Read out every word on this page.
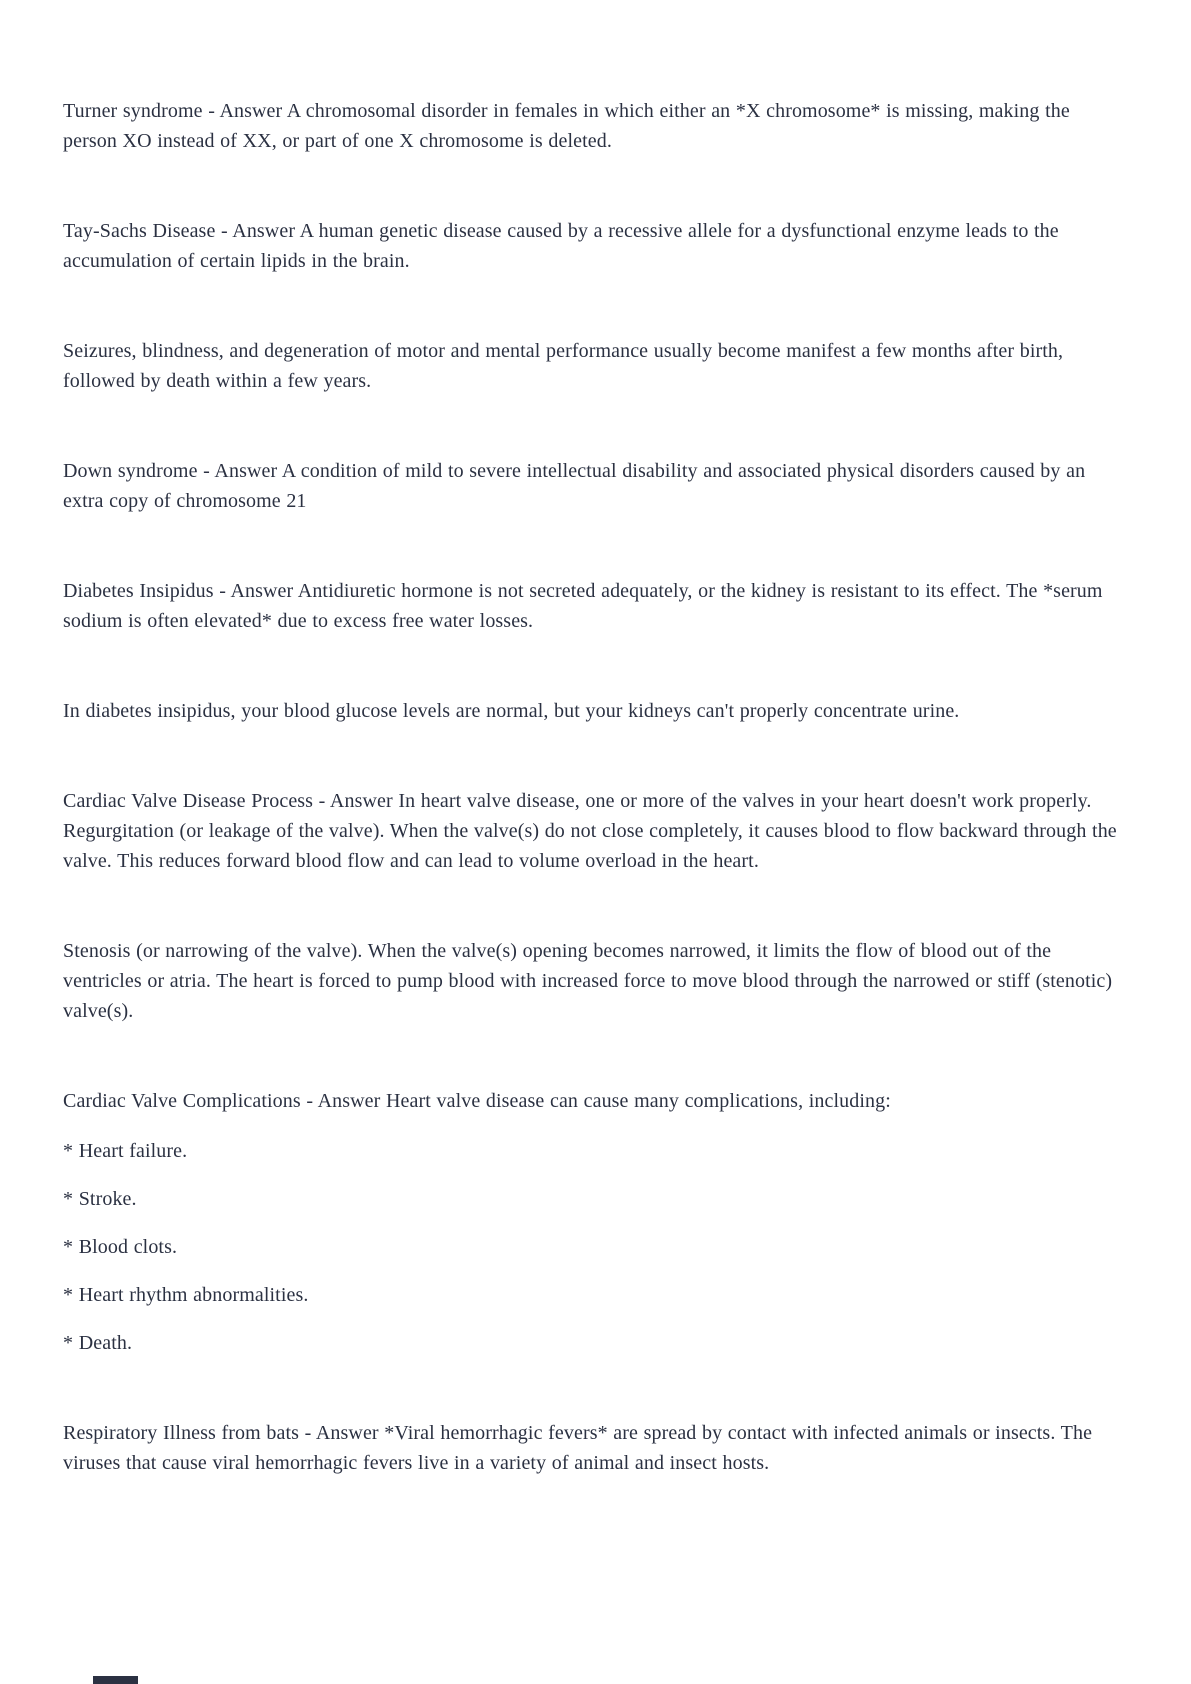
Turner syndrome - Answer A chromosomal disorder in females in which either an *X chromosome* is missing, making the person XO instead of XX, or part of one X chromosome is deleted.

Tay-Sachs Disease - Answer A human genetic disease caused by a recessive allele for a dysfunctional enzyme leads to the accumulation of certain lipids in the brain.

Seizures, blindness, and degeneration of motor and mental performance usually become manifest a few months after birth, followed by death within a few years.

Down syndrome - Answer A condition of mild to severe intellectual disability and associated physical disorders caused by an extra copy of chromosome 21

Diabetes Insipidus - Answer Antidiuretic hormone is not secreted adequately, or the kidney is resistant to its effect. The *serum sodium is often elevated* due to excess free water losses.

In diabetes insipidus, your blood glucose levels are normal, but your kidneys can't properly concentrate urine.

Cardiac Valve Disease Process - Answer In heart valve disease, one or more of the valves in your heart doesn't work properly. Regurgitation (or leakage of the valve). When the valve(s) do not close completely, it causes blood to flow backward through the valve. This reduces forward blood flow and can lead to volume overload in the heart.

Stenosis (or narrowing of the valve). When the valve(s) opening becomes narrowed, it limits the flow of blood out of the ventricles or atria. The heart is forced to pump blood with increased force to move blood through the narrowed or stiff (stenotic) valve(s).

Cardiac Valve Complications - Answer Heart valve disease can cause many complications, including:

* Heart failure.

* Stroke.

* Blood clots.

* Heart rhythm abnormalities.

* Death.

Respiratory Illness from bats - Answer *Viral hemorrhagic fevers* are spread by contact with infected animals or insects. The viruses that cause viral hemorrhagic fevers live in a variety of animal and insect hosts.
